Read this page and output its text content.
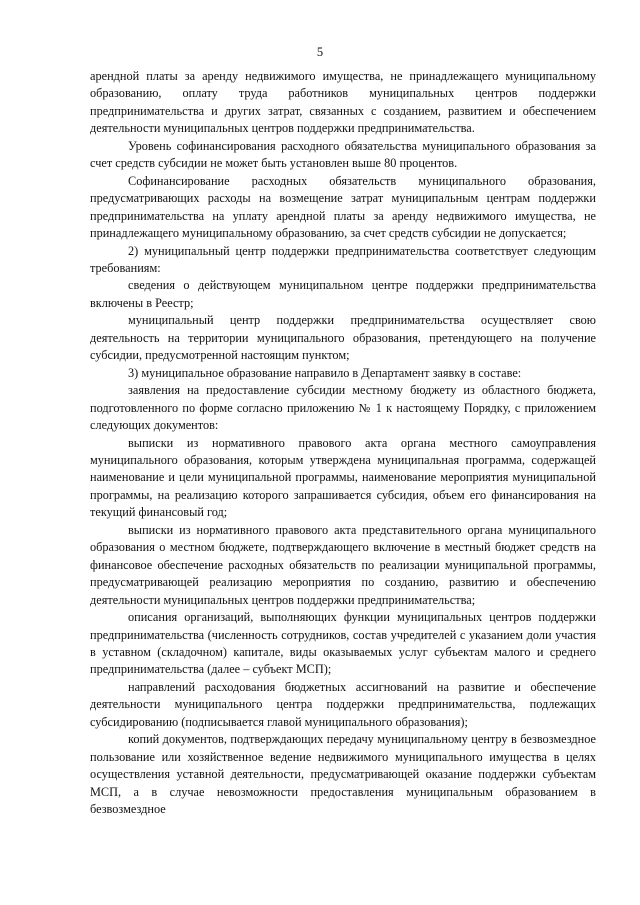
5

арендной платы за аренду недвижимого имущества, не принадлежащего муниципальному образованию, оплату труда работников муниципальных центров поддержки предпринимательства и других затрат, связанных с созданием, развитием и обеспечением деятельности муниципальных центров поддержки предпринимательства.

Уровень софинансирования расходного обязательства муниципального образования за счет средств субсидии не может быть установлен выше 80 процентов.

Софинансирование расходных обязательств муниципального образования, предусматривающих расходы на возмещение затрат муниципальным центрам поддержки предпринимательства на уплату арендной платы за аренду недвижимого имущества, не принадлежащего муниципальному образованию, за счет средств субсидии не допускается;

2) муниципальный центр поддержки предпринимательства соответствует следующим требованиям:

сведения о действующем муниципальном центре поддержки предпринимательства включены в Реестр;

муниципальный центр поддержки предпринимательства осуществляет свою деятельность на территории муниципального образования, претендующего на получение субсидии, предусмотренной настоящим пунктом;

3) муниципальное образование направило в Департамент заявку в составе:

заявления на предоставление субсидии местному бюджету из областного бюджета, подготовленного по форме согласно приложению № 1 к настоящему Порядку, с приложением следующих документов:

выписки из нормативного правового акта органа местного самоуправления муниципального образования, которым утверждена муниципальная программа, содержащей наименование и цели муниципальной программы, наименование мероприятия муниципальной программы, на реализацию которого запрашивается субсидия, объем его финансирования на текущий финансовый год;

выписки из нормативного правового акта представительного органа муниципального образования о местном бюджете, подтверждающего включение в местный бюджет средств на финансовое обеспечение расходных обязательств по реализации муниципальной программы, предусматривающей реализацию мероприятия по созданию, развитию и обеспечению деятельности муниципальных центров поддержки предпринимательства;

описания организаций, выполняющих функции муниципальных центров поддержки предпринимательства (численность сотрудников, состав учредителей с указанием доли участия в уставном (складочном) капитале, виды оказываемых услуг субъектам малого и среднего предпринимательства (далее – субъект МСП);

направлений расходования бюджетных ассигнований на развитие и обеспечение деятельности муниципального центра поддержки предпринимательства, подлежащих субсидированию (подписывается главой муниципального образования);

копий документов, подтверждающих передачу муниципальному центру в безвозмездное пользование или хозяйственное ведение недвижимого муниципального имущества в целях осуществления уставной деятельности, предусматривающей оказание поддержки субъектам МСП, а в случае невозможности предоставления муниципальным образованием в безвозмездное
